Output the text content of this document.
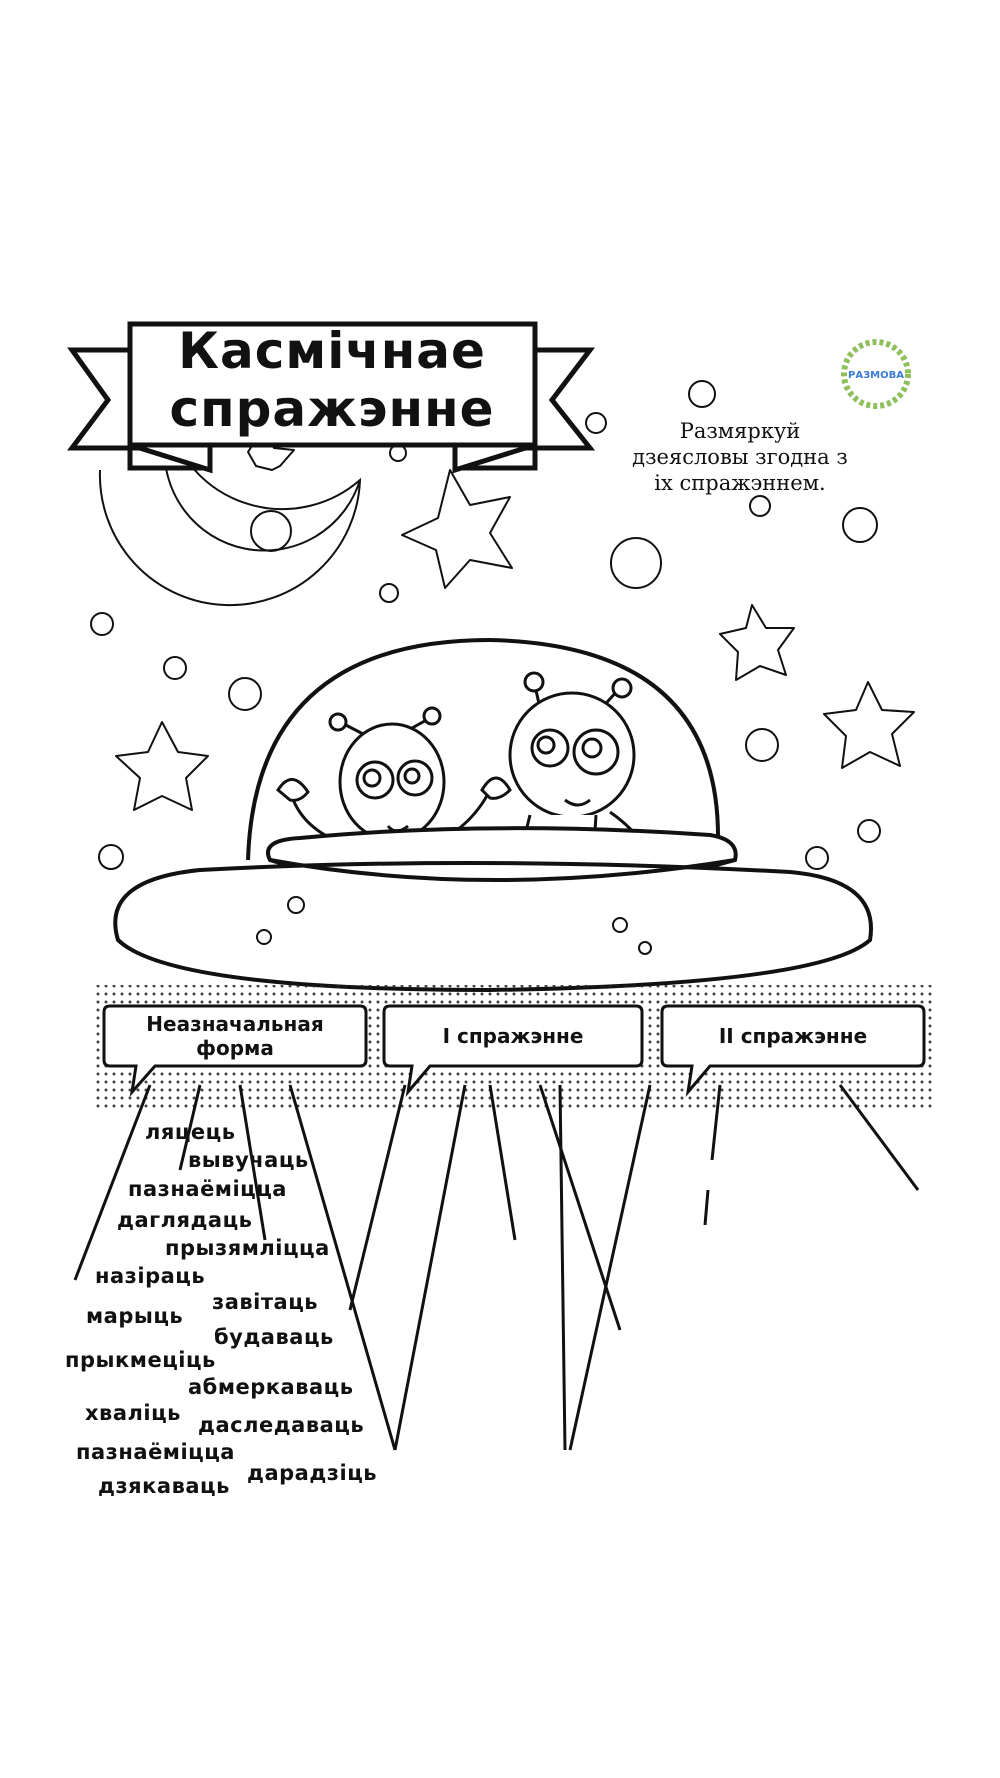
Касмічнае
спражэнне	Размяркуй
дзеясловы згодна з
іх спражэннем.
РАЗМОВА
Неазначальная
форма	I спражэнне	II спражэнне
ляцець
вывучаць
пазнаёміцца
даглядаць
прызямліцца
назіраць
завітаць
марыць
будаваць
прыкмеціць
абмеркаваць
хваліць даследаваць
пазнаёміцца
дзякаваць
дарадзіць
